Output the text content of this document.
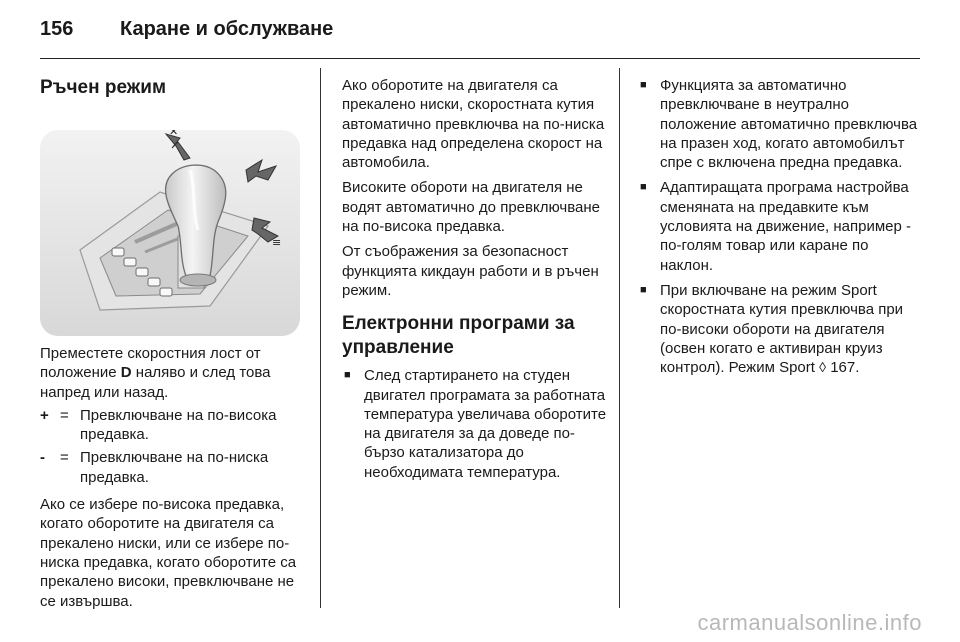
156 Каране и обслужване
Ръчен режим
✕
≡

Преместете скоростния лост от положение D наляво и след това напред или назад.

+ = Превключване на по-висока предавка.
-	= Превключване на по-ниска предавка.

Ако се избере по-висока предавка, когато оборотите на двигателя са прекалено ниски, или се избере по-ниска предавка, когато оборотите са прекалено високи, превключване не се извършва.

Ако оборотите на двигателя са прекалено ниски, скоростната кутия автоматично превключва на по-ниска предавка над определена скорост на автомобила.

Високите обороти на двигателя не водят автоматично до превключване на по-висока предавка.

От съображения за безопасност функцията кикдаун работи и в ръчен режим.

Електронни програми за управление
■ След стартирането на студен двигател програмата за работната температура увеличава оборотите на двигателя за да доведе по-бързо катализатора до необходимата температура.
■ Функцията за автоматично превключване в неутрално положение автоматично превключва на празен ход, когато автомобилът спре с включена предна предавка.
■ Адаптиращата програма настройва сменяната на предавките към условията на движение, например - по-голям товар или каране по наклон.
■ При включване на режим Sport скоростната кутия превключва при по-високи обороти на двигателя (освен когато е активиран круиз контрол). Режим Sport ◊ 167.
carmanualsonline.info
